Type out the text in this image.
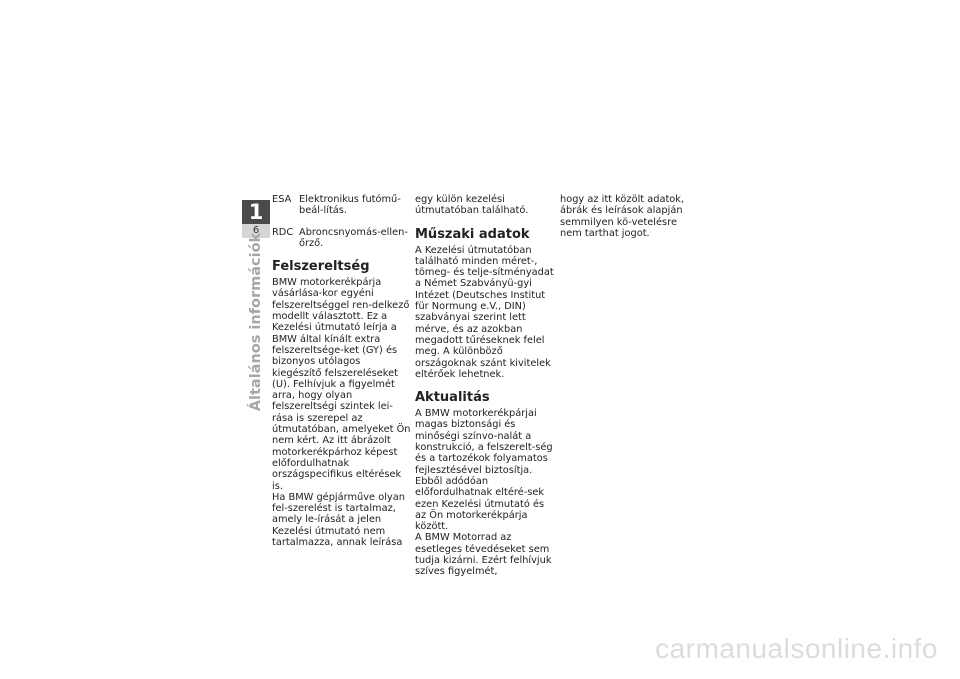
1
6
Általános információk
ESA Elektronikus futómű-beál-lítás.
RDC Abroncsnyomás-ellen-őrző.
Felszereltség

BMW motorkerékpárja vásárlása-kor egyéni felszereltséggel ren-delkező modellt választott. Ez a Kezelési útmutató leírja a BMW által kínált extra felszereltsége-ket (GY) és bizonyos utólagos kiegészítő felszereléseket (U). Felhívjuk a figyelmét arra, hogy olyan felszereltségi szintek lei-rása is szerepel az útmutatóban, amelyeket Ön nem kért. Az itt ábrázolt motorkerékpárhoz képest előfordulhatnak országspecifikus eltérések is.

Ha BMW gépjárműve olyan fel-szerelést is tartalmaz, amely le-írását a jelen Kezelési útmutató nem tartalmazza, annak leírása

egy külön kezelési útmutatóban található.

Műszaki adatok

A Kezelési útmutatóban található minden méret-, tömeg- és telje-sítményadat a Német Szabványü-gyi Intézet (Deutsches Institut für Normung e.V., DIN) szabványai szerint lett mérve, és az azokban megadott tűréseknek felel meg. A különböző országoknak szánt kivitelek eltérőek lehetnek.

Aktualitás

A BMW motorkerékpárjai magas biztonsági és minőségi színvo-nalát a konstrukció, a felszerelt-ség és a tartozékok folyamatos fejlesztésével biztosítja. Ebből adódóan előfordulhatnak eltéré-sek ezen Kezelési útmutató és az Ön motorkerékpárja között.

A BMW Motorrad az esetleges tévedéseket sem tudja kizárni. Ezért felhívjuk szíves figyelmét,

hogy az itt közölt adatok, ábrák és leírások alapján semmilyen kö-vetelésre nem tarthat jogot.

carmanualsonline.info
